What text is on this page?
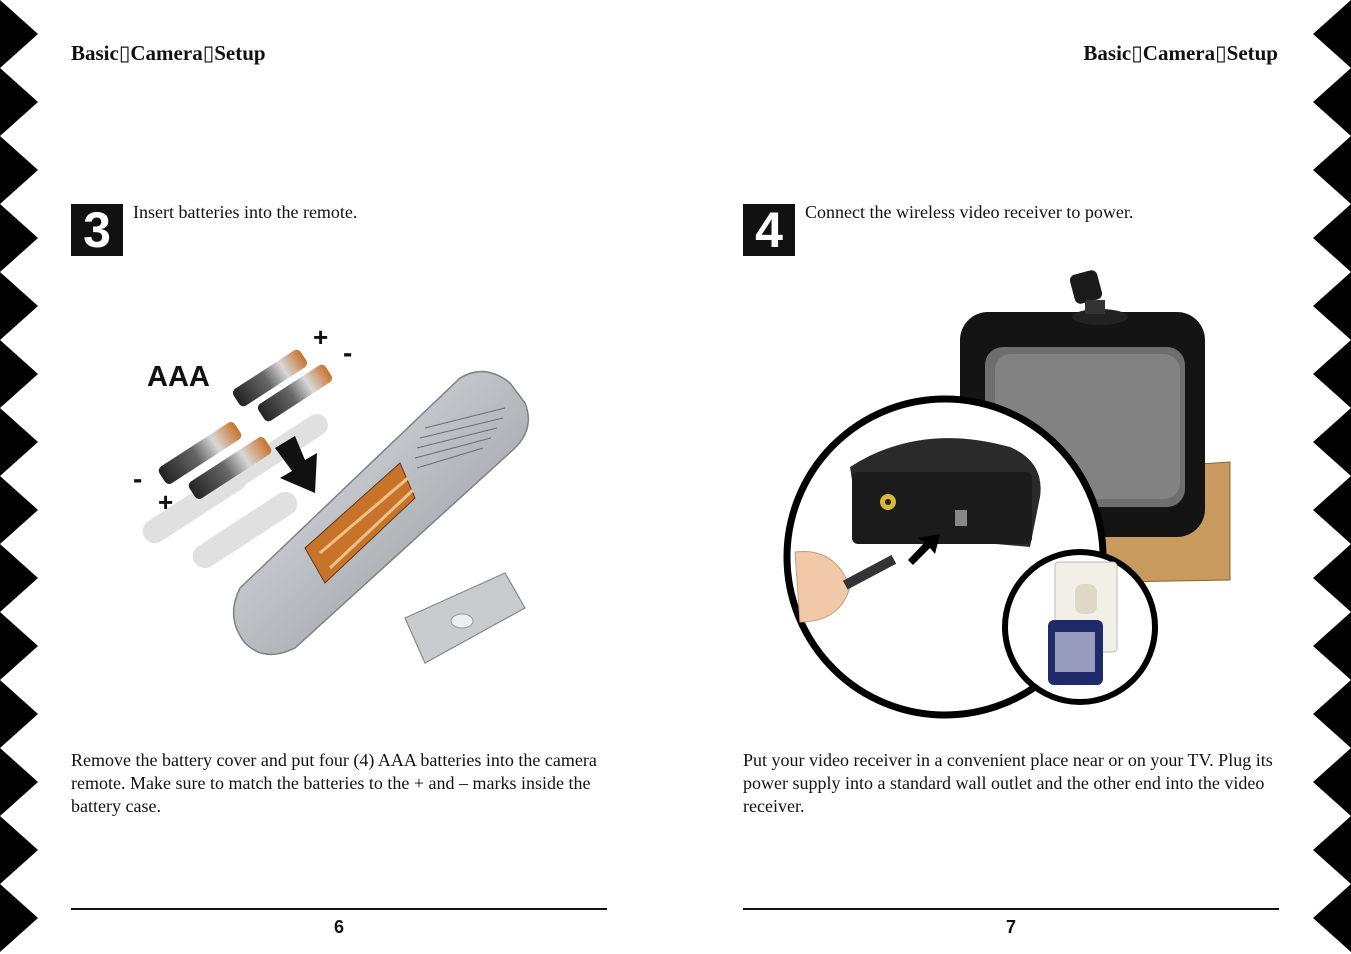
Basic▯Camera▯Setup
3	Insert batteries into the remote.
AAA
+ -
-
+
Remove the battery cover and put four (4) AAA batteries into the camera remote. Make sure to match the batteries to the + and – marks inside the battery case.
6
Basic▯Camera▯Setup
4	Connect the wireless video receiver to power.
Put your video receiver in a convenient place near or on your TV. Plug its power supply into a standard wall outlet and the other end into the video receiver.
7
